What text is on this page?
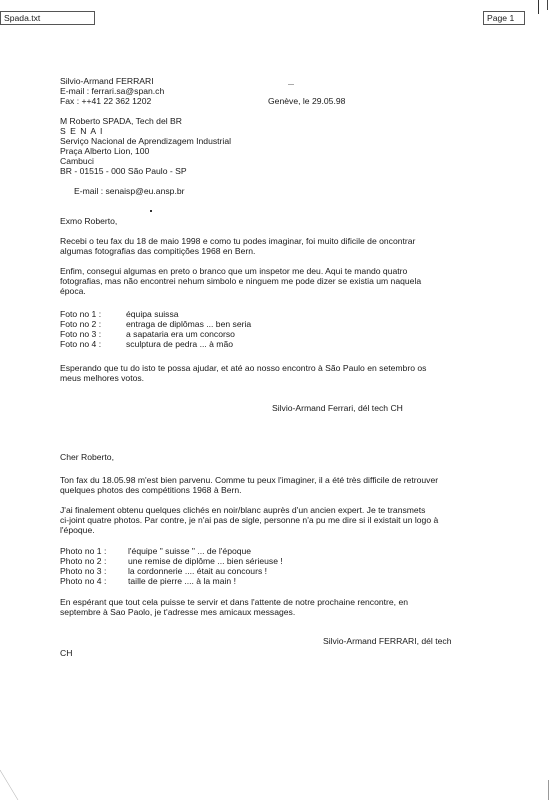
Spada.txt	Page 1
Silvio-Armand FERRARI
E-mail : ferrari.sa@span.ch
Fax : ++41 22 362 1202	Genève, le 29.05.98
M Roberto SPADA, Tech del BR
S E N A I
Serviço Nacional de Aprendizagem Industrial
Praça Alberto Lion, 100
Cambuci
BR - 01515 - 000 São Paulo - SP
E-mail : senaisp@eu.ansp.br
Exmo Roberto,
Recebi o teu fax du 18 de maio 1998 e como tu podes imaginar, foi muito dificile de oncontrar
algumas fotografias das compitições 1968 en Bern.
Enfim, consegui algumas en preto o branco que um inspetor me deu. Aqui te mando quatro
fotografias, mas não encontrei nehum simbolo e ninguem me pode dizer se existia um naquela
época.
Foto no 1 :	équipa suissa
Foto no 2 :	entraga de diplômas ... ben seria
Foto no 3 :	a sapataria era um concorso
Foto no 4 :	sculptura de pedra ... à mão
Esperando que tu do isto te possa ajudar, et até ao nosso encontro à São Paulo en setembro os
meus melhores votos.
Silvio-Armand Ferrari, dél tech CH
Cher Roberto,
Ton fax du 18.05.98 m'est bien parvenu. Comme tu peux l'imaginer, il a été très difficile de retrouver
quelques photos des compétitions 1968 à Bern.
J'ai finalement obtenu quelques clichés en noir/blanc auprès d'un ancien expert. Je te transmets
ci-joint quatre photos. Par contre, je n'ai pas de sigle, personne n'a pu me dire si il existait un logo à
l'époque.
Photo no 1 :	l'équipe " suisse " ... de l'époque
Photo no 2 :	une remise de diplôme ... bien sérieuse !
Photo no 3 :	la cordonnerie .... était au concours !
Photo no 4 :	taille de pierre .... à la main !
En espérant que tout cela puisse te servir et dans l'attente de notre prochaine rencontre, en
septembre à Sao Paolo, je t'adresse mes amicaux messages.
Silvio-Armand FERRARI, dél tech
CH
